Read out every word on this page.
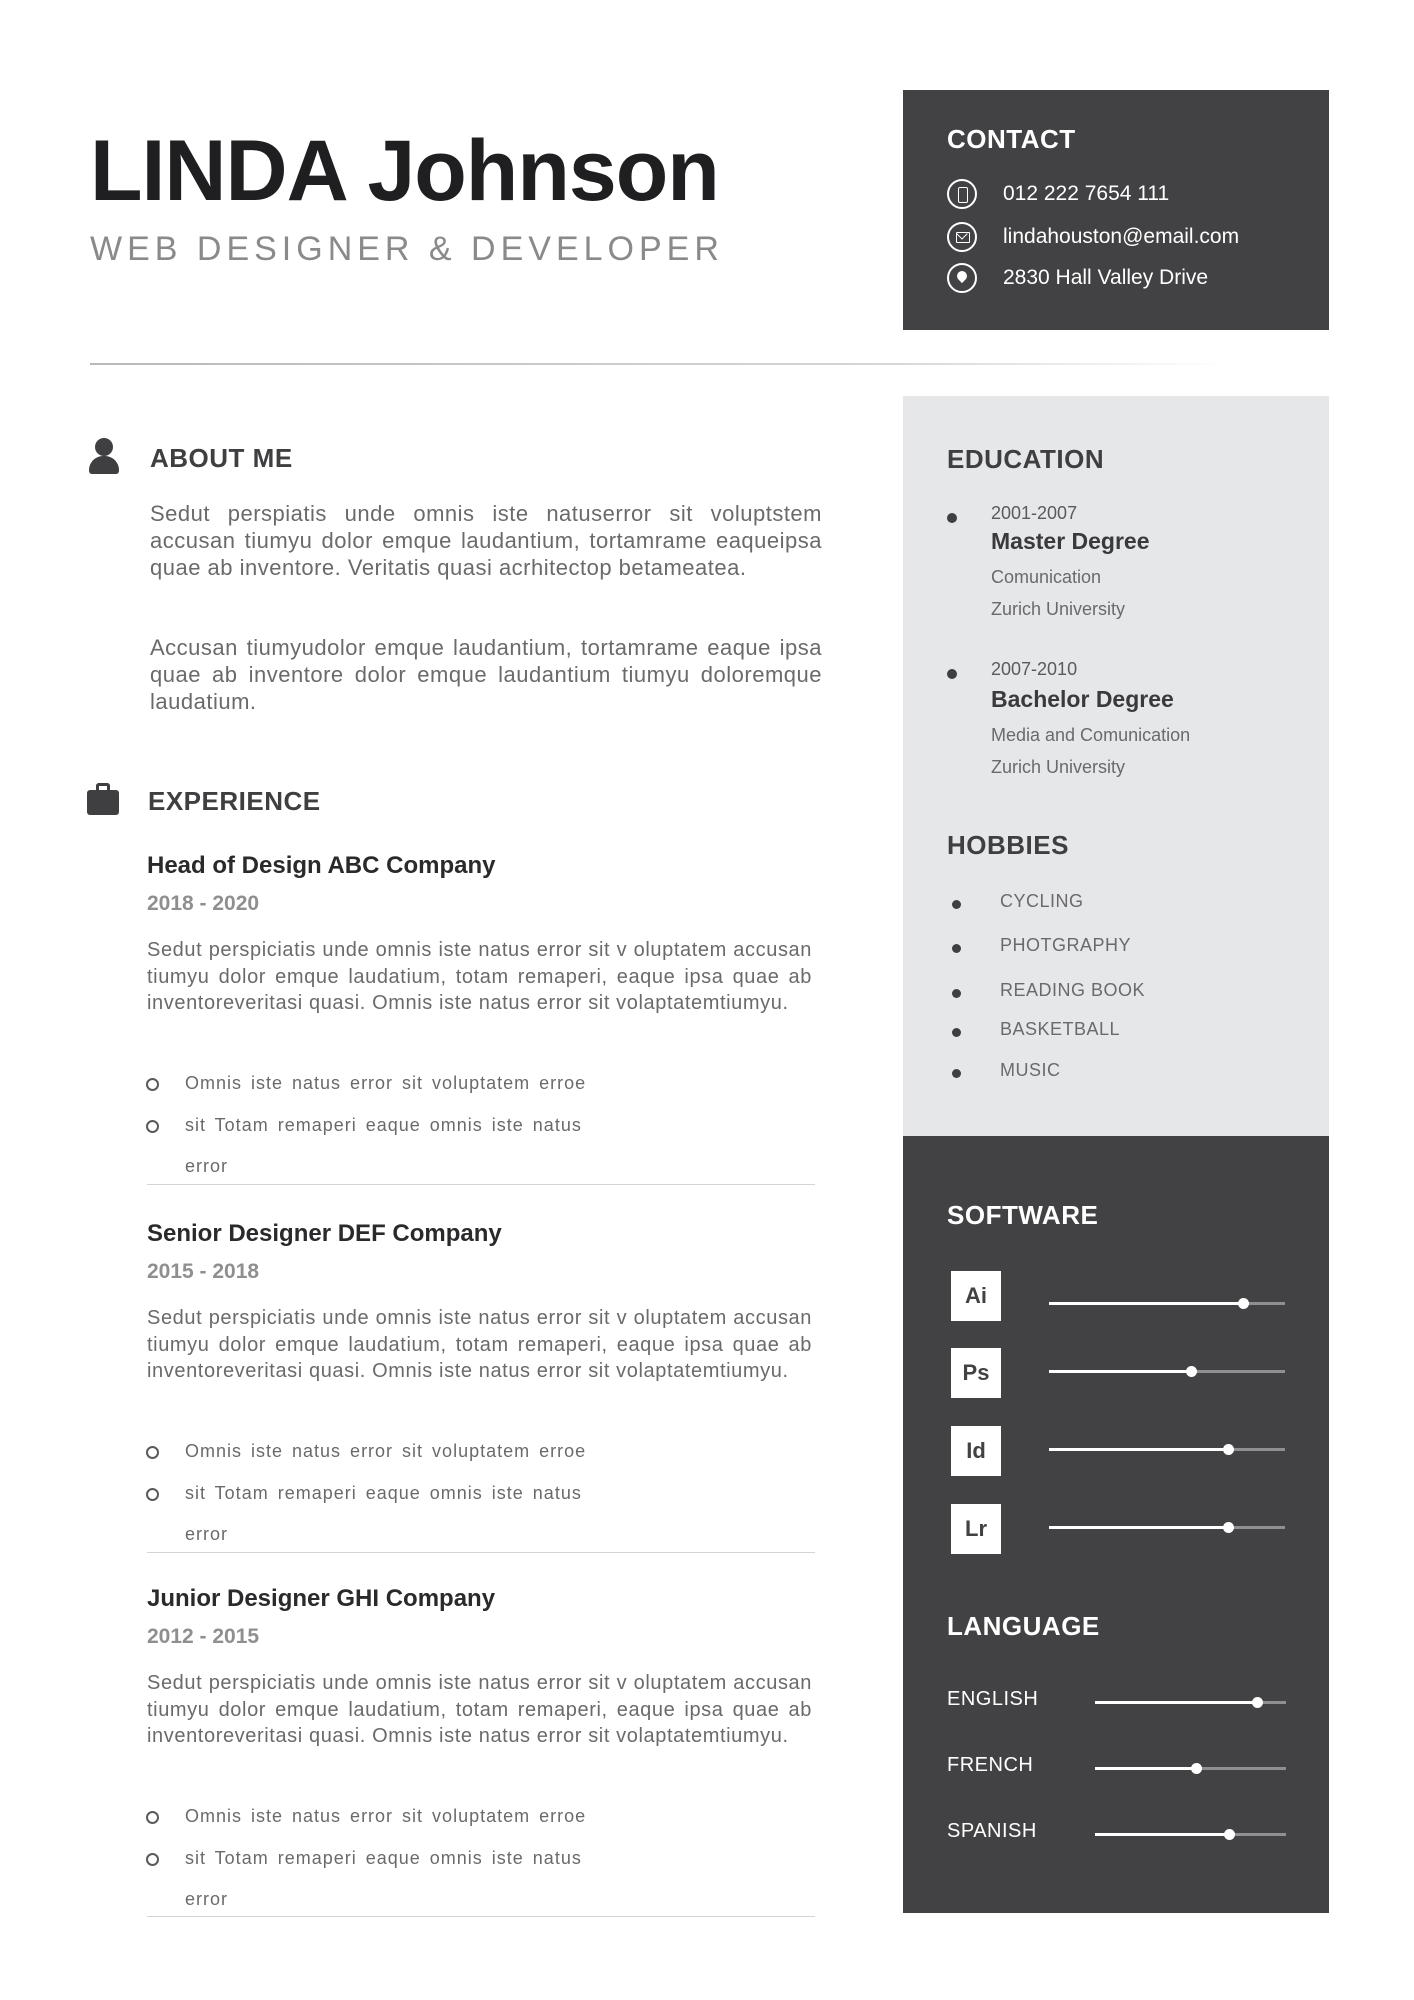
LINDA Johnson
WEB DESIGNER & DEVELOPER
CONTACT
012 222 7654 111
lindahouston@email.com
2830 Hall Valley Drive
ABOUT ME
Sedut perspiatis unde omnis iste natuserror sit voluptstem accusan tiumyu dolor emque laudantium, tortamrame eaqueipsa quae ab inventore. Veritatis quasi acrhitectop betameatea.
Accusan tiumyudolor emque laudantium, tortamrame eaque ipsa quae ab inventore dolor emque laudantium tiumyu doloremque laudatium.
EXPERIENCE
Head of Design ABC Company
2018 - 2020
Sedut perspiciatis unde omnis iste natus error sit v oluptatem accusan tiumyu dolor emque laudatium, totam remaperi, eaque ipsa quae ab inventoreveritasi quasi. Omnis iste natus error sit volaptatemtiumyu.
Omnis iste natus error sit voluptatem erroe
sit Totam remaperi eaque omnis iste natus
error
Senior Designer DEF Company
2015 - 2018
Sedut perspiciatis unde omnis iste natus error sit v oluptatem accusan tiumyu dolor emque laudatium, totam remaperi, eaque ipsa quae ab inventoreveritasi quasi. Omnis iste natus error sit volaptatemtiumyu.
Omnis iste natus error sit voluptatem erroe
sit Totam remaperi eaque omnis iste natus
error
Junior Designer GHI Company
2012 - 2015
Sedut perspiciatis unde omnis iste natus error sit v oluptatem accusan tiumyu dolor emque laudatium, totam remaperi, eaque ipsa quae ab inventoreveritasi quasi. Omnis iste natus error sit volaptatemtiumyu.
Omnis iste natus error sit voluptatem erroe
sit Totam remaperi eaque omnis iste natus
error
EDUCATION
2001-2007
Master Degree
Comunication
Zurich University
2007-2010
Bachelor Degree
Media and Comunication
Zurich University
HOBBIES
CYCLING
PHOTGRAPHY
READING BOOK
BASKETBALL
MUSIC
SOFTWARE
Ai
Ps
Id
Lr
LANGUAGE
ENGLISH
FRENCH
SPANISH
